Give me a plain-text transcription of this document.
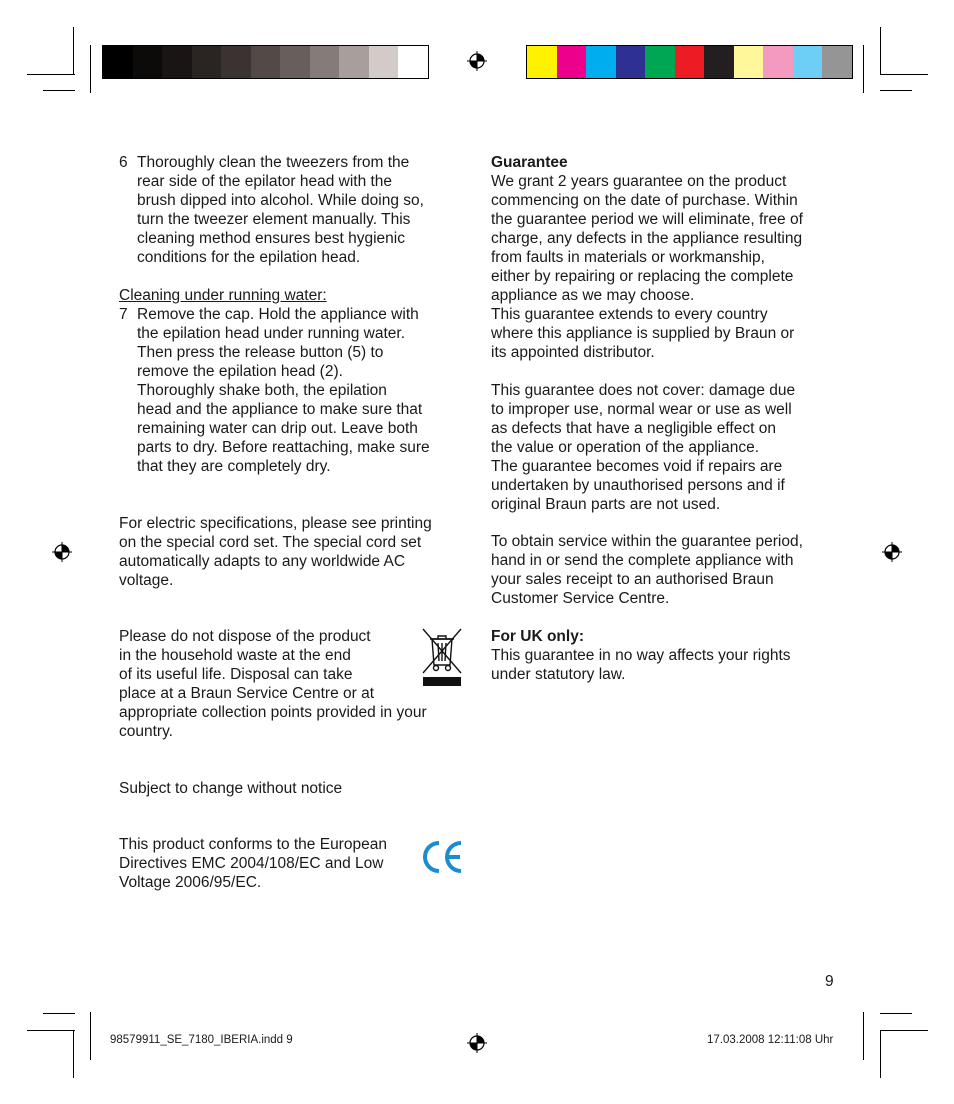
6 Thoroughly clean the tweezers from the
rear side of the epilator head with the
brush dipped into alcohol. While doing so,
turn the tweezer element manually. This
cleaning method ensures best hygienic
conditions for the epilation head.

Cleaning under running water:

7 Remove the cap. Hold the appliance with
the epilation head under running water.
Then press the release button (5) to
remove the epilation head (2).
Thoroughly shake both, the epilation
head and the appliance to make sure that
remaining water can drip out. Leave both
parts to dry. Before reattaching, make sure
that they are completely dry.
For electric specifications, please see printing
on the special cord set. The special cord set
automatically adapts to any worldwide AC
voltage.
Please do not dispose of the product
in the household waste at the end
of its useful life. Disposal can take
place at a Braun Service Centre or at
appropriate collection points provided in your
country.

Subject to change without notice

This product conforms to the European
Directives EMC 2004/108/EC and Low
Voltage 2006/95/EC.

Guarantee

We grant 2 years guarantee on the product
commencing on the date of purchase. Within
the guarantee period we will eliminate, free of
charge, any defects in the appliance resulting
from faults in materials or workmanship,
either by repairing or replacing the complete
appliance as we may choose.
This guarantee extends to every country
where this appliance is supplied by Braun or
its appointed distributor.
This guarantee does not cover: damage due
to improper use, normal wear or use as well
as defects that have a negligible effect on
the value or operation of the appliance.
The guarantee becomes void if repairs are
undertaken by unauthorised persons and if
original Braun parts are not used.
To obtain service within the guarantee period,
hand in or send the complete appliance with
your sales receipt to an authorised Braun
Customer Service Centre.

For UK only:

This guarantee in no way affects your rights
under statutory law.
9
98579911_SE_7180_IBERIA.indd 9	17.03.2008 12:11:08 Uhr
